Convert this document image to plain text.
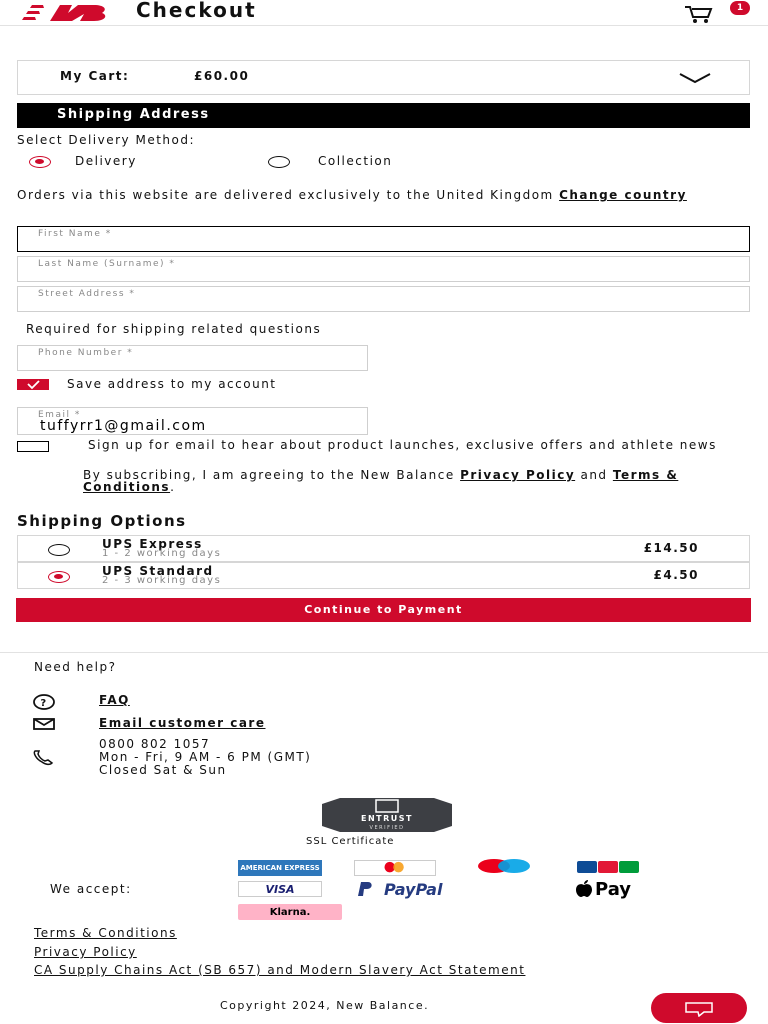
Checkout	1
My Cart:	£60.00
Shipping Address
Select Delivery Method:
Delivery	Collection
Orders via this website are delivered exclusively to the United Kingdom Change country
First Name *
Last Name (Surname) *
Street Address *
Required for shipping related questions
Phone Number *
Save address to my account
Email *
tuffyrr1@gmail.com
Sign up for email to hear about product launches, exclusive offers and athlete news
By subscribing, I am agreeing to the New Balance Privacy Policy and Terms & Conditions.
Shipping Options
UPS Express
1 - 2 working days	£14.50
UPS Standard
2 - 3 working days	£4.50
Continue to Payment
Need help?
?	FAQ
Email customer care
0800 802 1057
Mon - Fri, 9 AM - 6 PM (GMT)
Closed Sat & Sun
ENTRUST
VERIFIED
SSL Certificate
We accept:
AMERICAN EXPRESS
VISA	PayPal	Pay
Klarna.
Terms & Conditions
Privacy Policy
CA Supply Chains Act (SB 657) and Modern Slavery Act Statement
Copyright 2024, New Balance.
